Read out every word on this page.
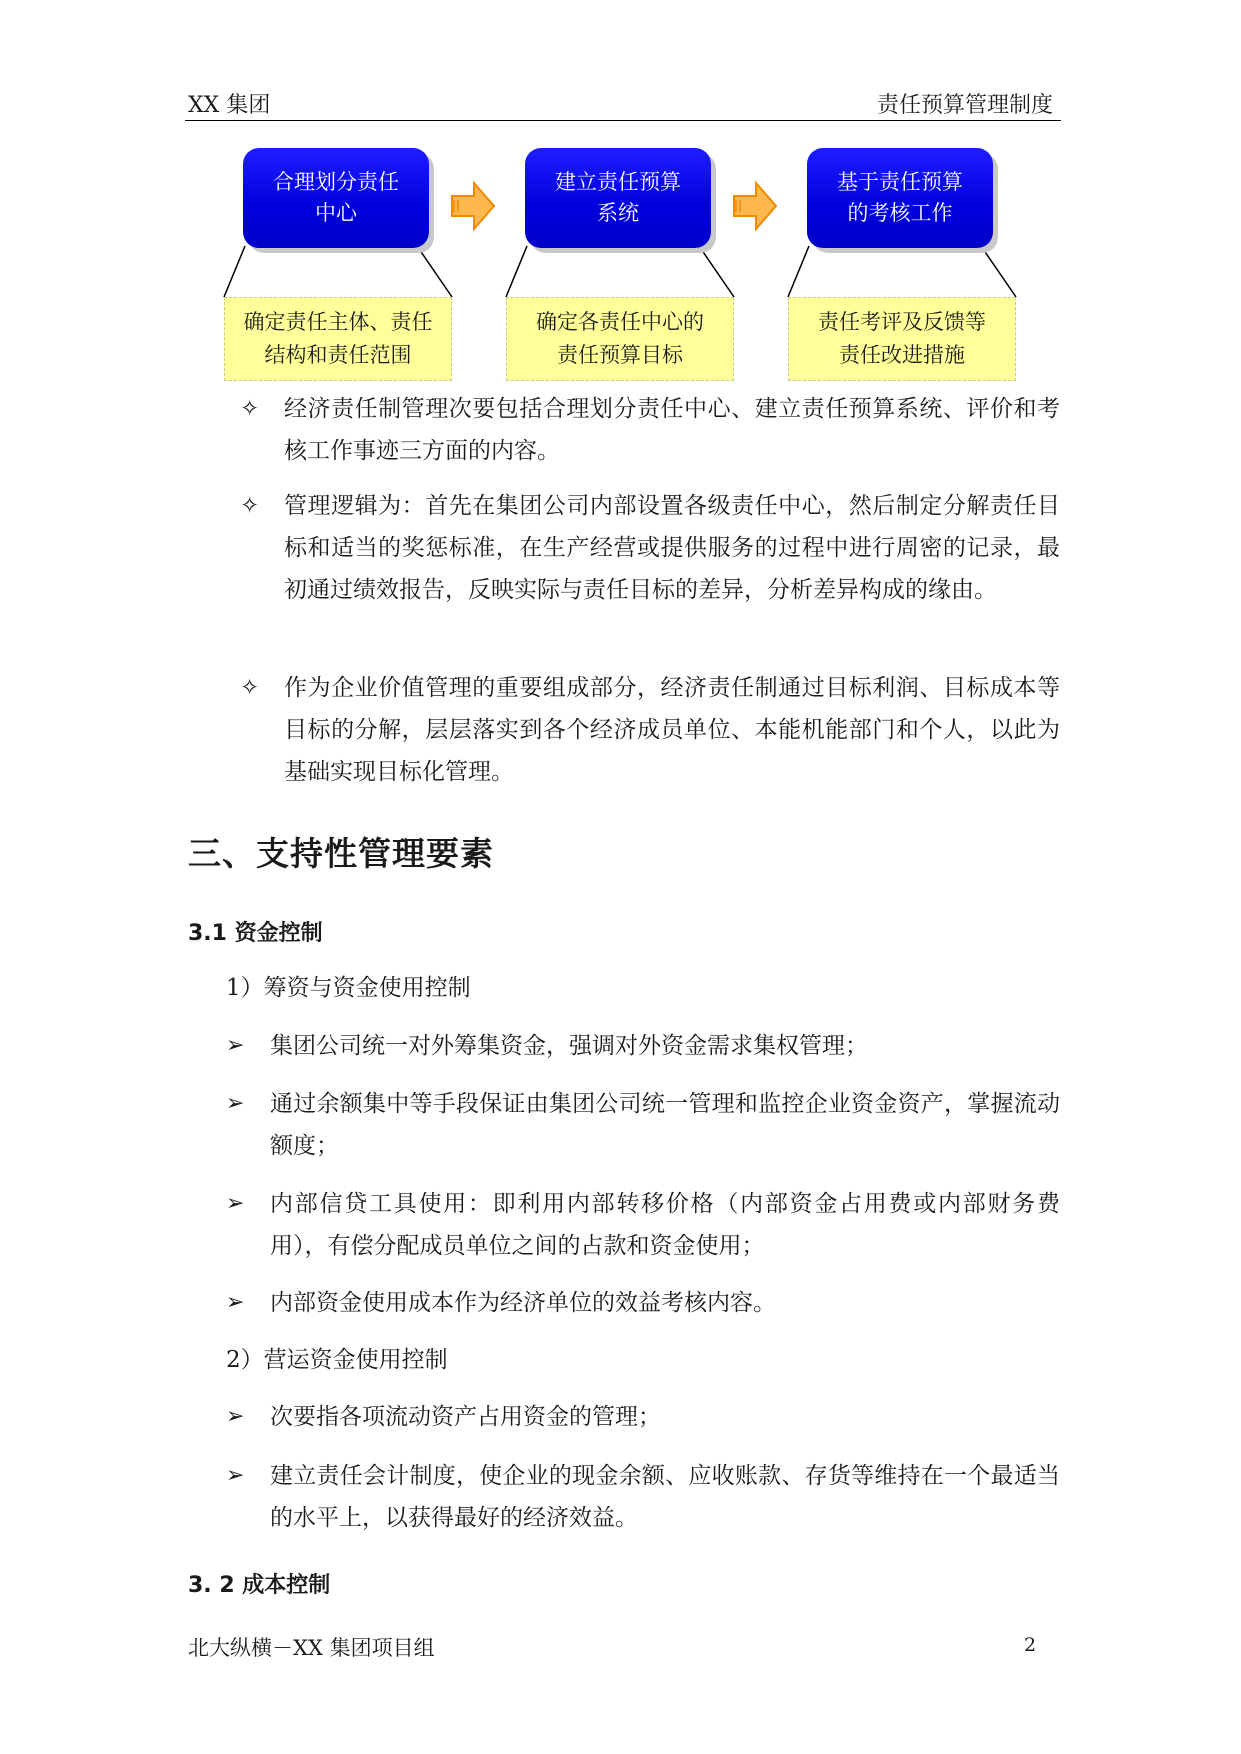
XX 集团	责任预算管理制度
合理划分责任
中心
建立责任预算
系统
基于责任预算
的考核工作
确定责任主体、责任
结构和责任范围
确定各责任中心的
责任预算目标
责任考评及反馈等
责任改进措施
✧	经济责任制管理次要包括合理划分责任中心、建立责任预算系统、评价和考核工作事迹三方面的内容。
✧	管理逻辑为：首先在集团公司内部设置各级责任中心，然后制定分解责任目标和适当的奖惩标准，在生产经营或提供服务的过程中进行周密的记录，最初通过绩效报告，反映实际与责任目标的差异，分析差异构成的缘由。
✧	作为企业价值管理的重要组成部分，经济责任制通过目标利润、目标成本等目标的分解，层层落实到各个经济成员单位、本能机能部门和个人，以此为基础实现目标化管理。
三、支持性管理要素
3.1 资金控制
1）筹资与资金使用控制
➢	集团公司统一对外筹集资金，强调对外资金需求集权管理；
➢	通过余额集中等手段保证由集团公司统一管理和监控企业资金资产，掌握流动额度；
➢	内部信贷工具使用：即利用内部转移价格（内部资金占用费或内部财务费用），有偿分配成员单位之间的占款和资金使用；
➢	内部资金使用成本作为经济单位的效益考核内容。
2）营运资金使用控制
➢	次要指各项流动资产占用资金的管理；
➢	建立责任会计制度，使企业的现金余额、应收账款、存货等维持在一个最适当的水平上，以获得最好的经济效益。
3. 2 成本控制
北大纵横－XX 集团项目组	2
